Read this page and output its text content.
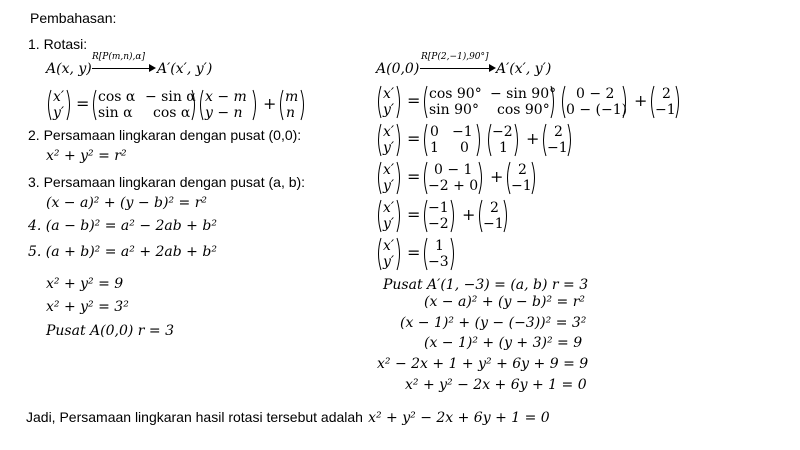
Pembahasan:
1. Rotasi:
A(x, y)
R[P(m,n),α]
A′(x′, y′)
x′
y′ = cos α − sin α
sin α cos α
x − m
y − n + m
n
2. Persamaan lingkaran dengan pusat (0,0):
x² + y² = r²
3. Persamaan lingkaran dengan pusat (a, b):
(x − a)² + (y − b)² = r²
4. (a − b)² = a² − 2ab + b²
5. (a + b)² = a² + 2ab + b²
x² + y² = 9
x² + y² = 3²
Pusat A(0,0) r = 3
A(0,0)
R[P(2,−1),90°]
A′(x′, y′)
x′
y′ = cos 90° − sin 90°
sin 90° cos 90°
0 − 2
0 − (−1) + 2
−1
x′
y′ = 0 −1
1 0
−2
1 + 2
−1
x′
y′ = 0 − 1
−2 + 0 + 2
−1
x′
y′ = −1
−2 + 2
−1
x′
y′ = 1
−3
Pusat A′(1, −3) = (a, b) r = 3
(x − a)² + (y − b)² = r²
(x − 1)² + (y − (−3))² = 3²
(x − 1)² + (y + 3)² = 9
x² − 2x + 1 + y² + 6y + 9 = 9
x² + y² − 2x + 6y + 1 = 0
Jadi, Persamaan lingkaran hasil rotasi tersebut adalah x² + y² − 2x + 6y + 1 = 0
